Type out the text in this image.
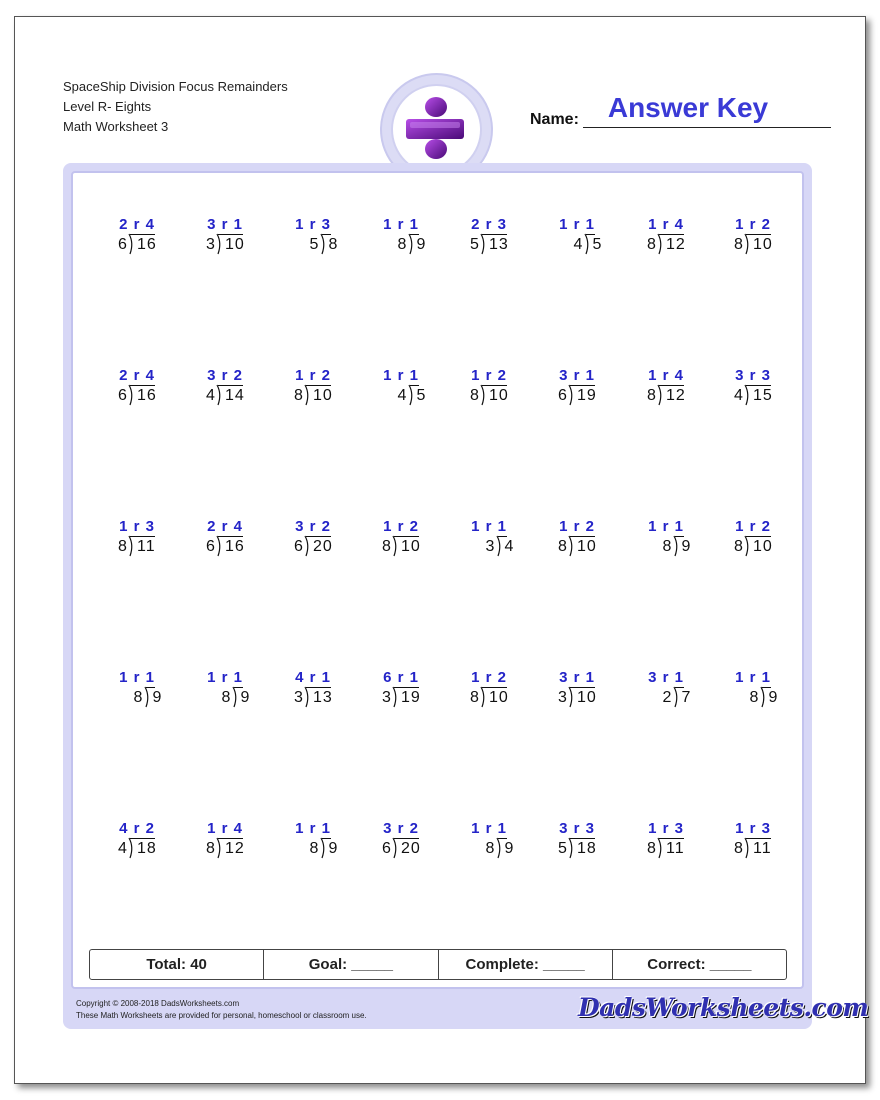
SpaceShip Division Focus Remainders
Level R- Eights
Math Worksheet 3
Answer Key
Name:
2 r 4
6 16
3 r 1
3 10
1 r 3
5 8
1 r 1
8 9
2 r 3
5 13
1 r 1
4 5
1 r 4
8 12
1 r 2
8 10
2 r 4
6 16
3 r 2
4 14
1 r 2
8 10
1 r 1
4 5
1 r 2
8 10
3 r 1
6 19
1 r 4
8 12
3 r 3
4 15
1 r 3
8 11
2 r 4
6 16
3 r 2
6 20
1 r 2
8 10
1 r 1
3 4
1 r 2
8 10
1 r 1
8 9
1 r 2
8 10
1 r 1
8 9
1 r 1
8 9
4 r 1
3 13
6 r 1
3 19
1 r 2
8 10
3 r 1
3 10
3 r 1
2 7
1 r 1
8 9
4 r 2
4 18
1 r 4
8 12
1 r 1
8 9
3 r 2
6 20
1 r 1
8 9
3 r 3
5 18
1 r 3
8 11
1 r 3
8 11
Total: 40	Goal: _____	Complete: _____	Correct: _____
Copyright © 2008-2018 DadsWorksheets.com
These Math Worksheets are provided for personal, homeschool or classroom use.	DadsWorksheets.com
